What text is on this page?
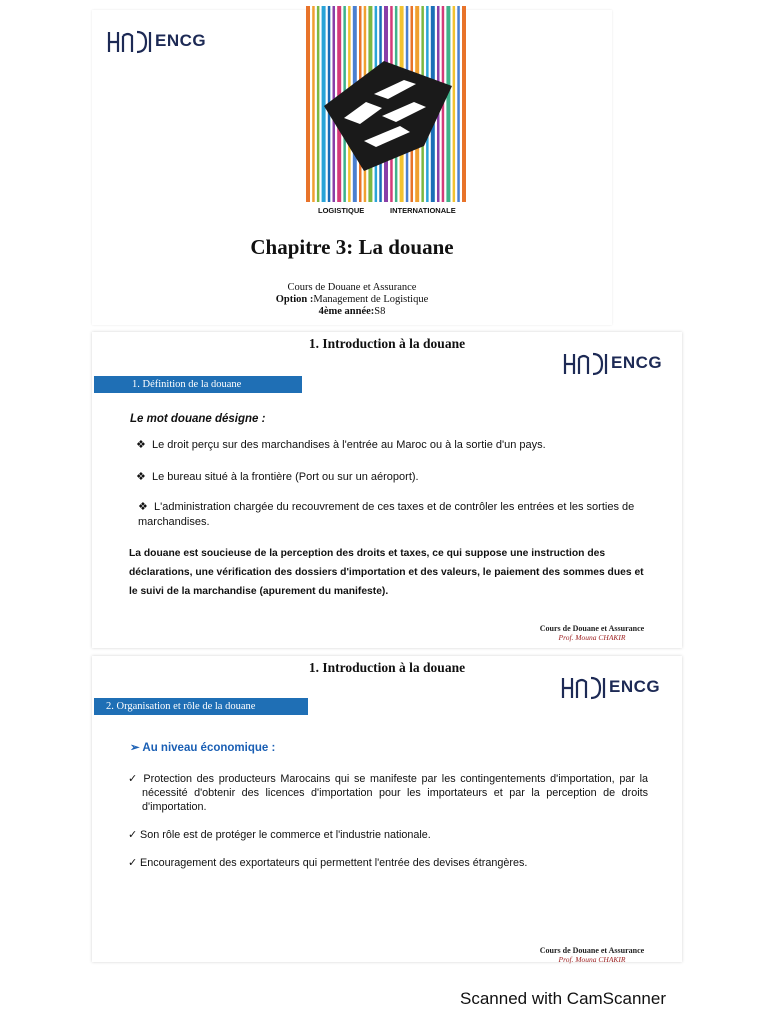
ENCG
LOGISTIQUE	INTERNATIONALE
Chapitre 3: La douane
Cours de Douane et Assurance
Option :Management de Logistique
4ème année:S8
1. Introduction à la douane
ENCG
1. Définition de la douane
Le mot douane désigne :
❖ Le droit perçu sur des marchandises à l'entrée au Maroc ou à la sortie d'un pays.
❖ Le bureau situé à la frontière (Port ou sur un aéroport).
❖ L'administration chargée du recouvrement de ces taxes et de contrôler les entrées et les sorties de marchandises.
La douane est soucieuse de la perception des droits et taxes, ce qui suppose une instruction des déclarations, une vérification des dossiers d'importation et des valeurs, le paiement des sommes dues et le suivi de la marchandise (apurement du manifeste).
Cours de Douane et Assurance
Prof. Mouna CHAKIR
1. Introduction à la douane
ENCG
2. Organisation et rôle de la douane
➢ Au niveau économique :
✓ Protection des producteurs Marocains qui se manifeste par les contingentements d'importation, par la nécessité d'obtenir des licences d'importation pour les importateurs et par la perception de droits d'importation.
✓ Son rôle est de protéger le commerce et l'industrie nationale.
✓ Encouragement des exportateurs qui permettent l'entrée des devises étrangères.
Cours de Douane et Assurance
Prof. Mouna CHAKIR
Scanned with CamScanner
